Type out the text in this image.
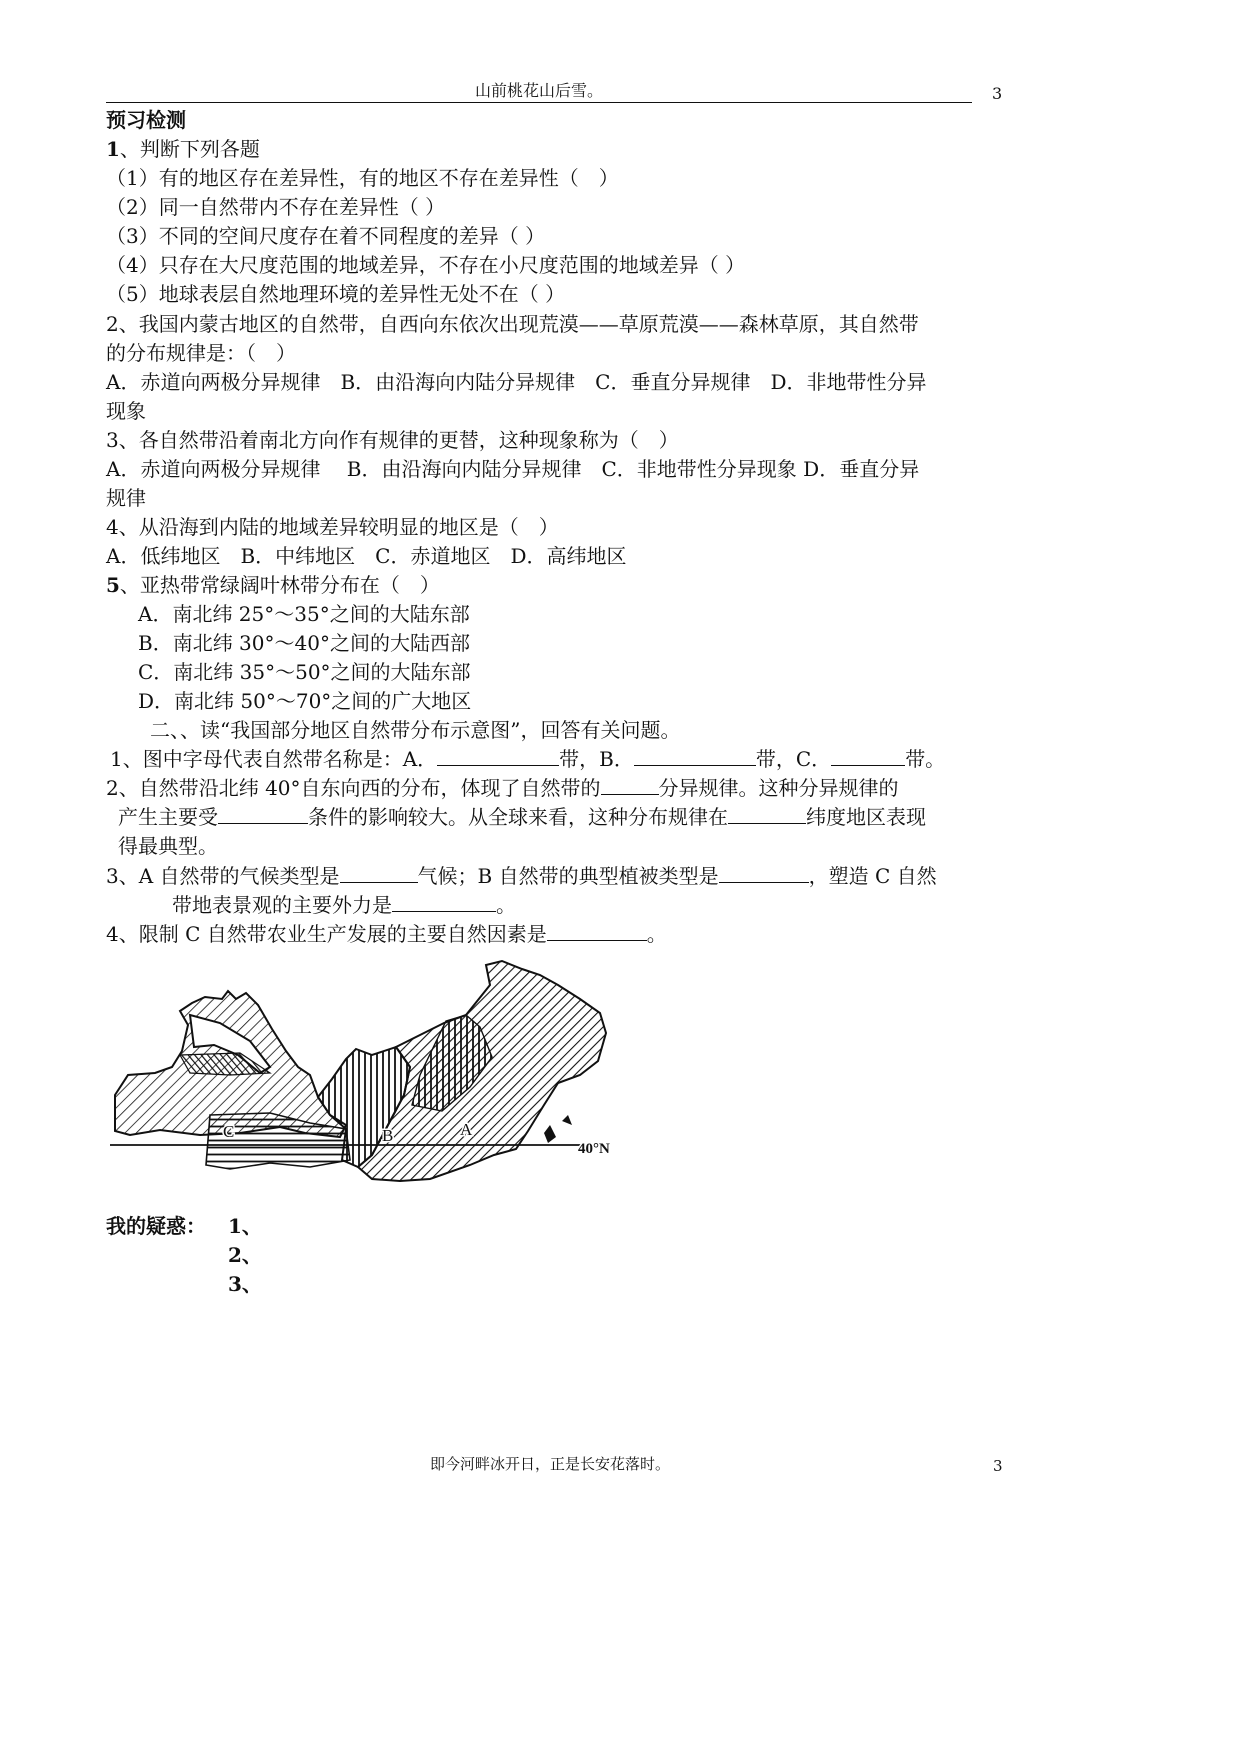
山前桃花山后雪。	3
预习检测
1、判断下列各题
（1）有的地区存在差异性，有的地区不存在差异性（　）
（2）同一自然带内不存在差异性（ ）
（3）不同的空间尺度存在着不同程度的差异（ ）
（4）只存在大尺度范围的地域差异，不存在小尺度范围的地域差异（ ）
（5）地球表层自然地理环境的差异性无处不在（ ）
2、我国内蒙古地区的自然带，自西向东依次出现荒漠——草原荒漠——森林草原，其自然带
的分布规律是：（　）
A．赤道向两极分异规律　B．由沿海向内陆分异规律　C．垂直分异规律　D．非地带性分异
现象
3、各自然带沿着南北方向作有规律的更替，这种现象称为（　）
A．赤道向两极分异规律　 B．由沿海向内陆分异规律　C．非地带性分异现象 D．垂直分异
规律
4、从沿海到内陆的地域差异较明显的地区是（　）
A．低纬地区　B．中纬地区　C．赤道地区　D．高纬地区
5、亚热带常绿阔叶林带分布在（　）
A．南北纬 25°～35°之间的大陆东部
B．南北纬 30°～40°之间的大陆西部
C．南北纬 35°～50°之间的大陆东部
D．南北纬 50°～70°之间的广大地区
二、、读“我国部分地区自然带分布示意图”，回答有关问题。
1、图中字母代表自然带名称是：A．	带，B．	带，C．	带。
2、自然带沿北纬 40°自东向西的分布，体现了自然带的	分异规律。这种分异规律的
产生主要受	条件的影响较大。从全球来看，这种分布规律在	纬度地区表现
得最典型。
3、A 自然带的气候类型是	气候；B 自然带的典型植被类型是	，塑造 C 自然
带地表景观的主要外力是	。
4、限制 C 自然带农业生产发展的主要自然因素是	。
C	B	A
40°N
我的疑惑： 1、
2、
3、
即今河畔冰开日，正是长安花落时。	3
